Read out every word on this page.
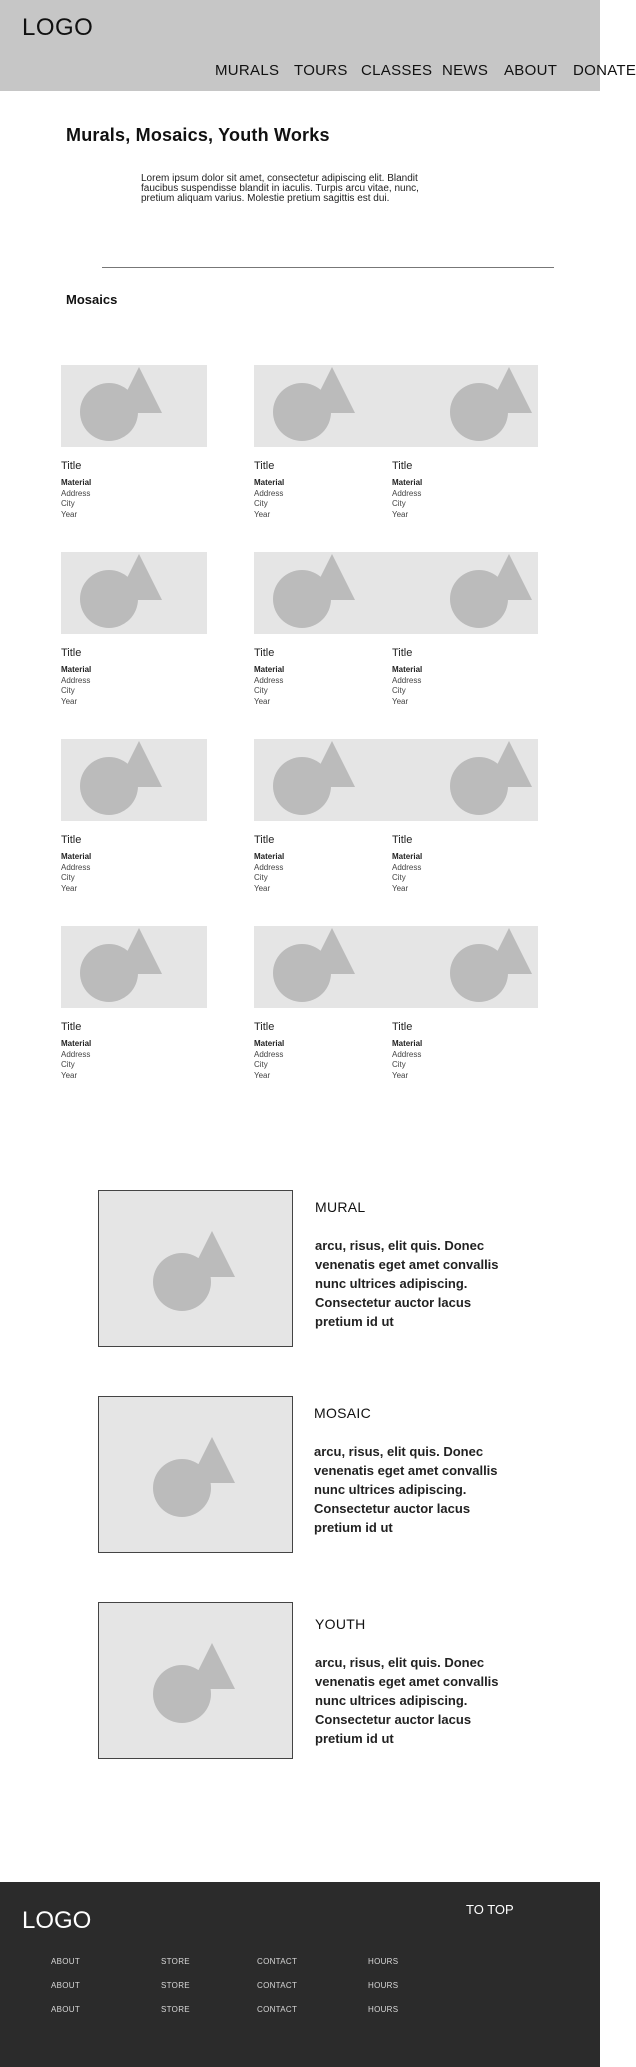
LOGO
MURALS TOURS CLASSES NEWS ABOUT DONATE
Murals, Mosaics, Youth Works
Lorem ipsum dolor sit amet, consectetur adipiscing elit. Blandit faucibus suspendisse blandit in iaculis. Turpis arcu vitae, nunc, pretium aliquam varius. Molestie pretium sagittis est dui.
Mosaics
Title
Material
Address
City
Year
Title
Material
Address
City
Year
Title
Material
Address
City
Year
Title
Material
Address
City
Year
Title
Material
Address
City
Year
Title
Material
Address
City
Year
Title
Material
Address
City
Year
Title
Material
Address
City
Year
Title
Material
Address
City
Year
Title
Material
Address
City
Year
Title
Material
Address
City
Year
Title
Material
Address
City
Year
MURAL
arcu, risus, elit quis. Donec venenatis eget amet convallis nunc ultrices adipiscing. Consectetur auctor lacus pretium id ut
MOSAIC
arcu, risus, elit quis. Donec venenatis eget amet convallis nunc ultrices adipiscing. Consectetur auctor lacus pretium id ut
YOUTH
arcu, risus, elit quis. Donec venenatis eget amet convallis nunc ultrices adipiscing. Consectetur auctor lacus pretium id ut
LOGO	TO TOP
ABOUT
ABOUT
ABOUT
STORE
STORE
STORE
CONTACT
CONTACT
CONTACT
HOURS
HOURS
HOURS
